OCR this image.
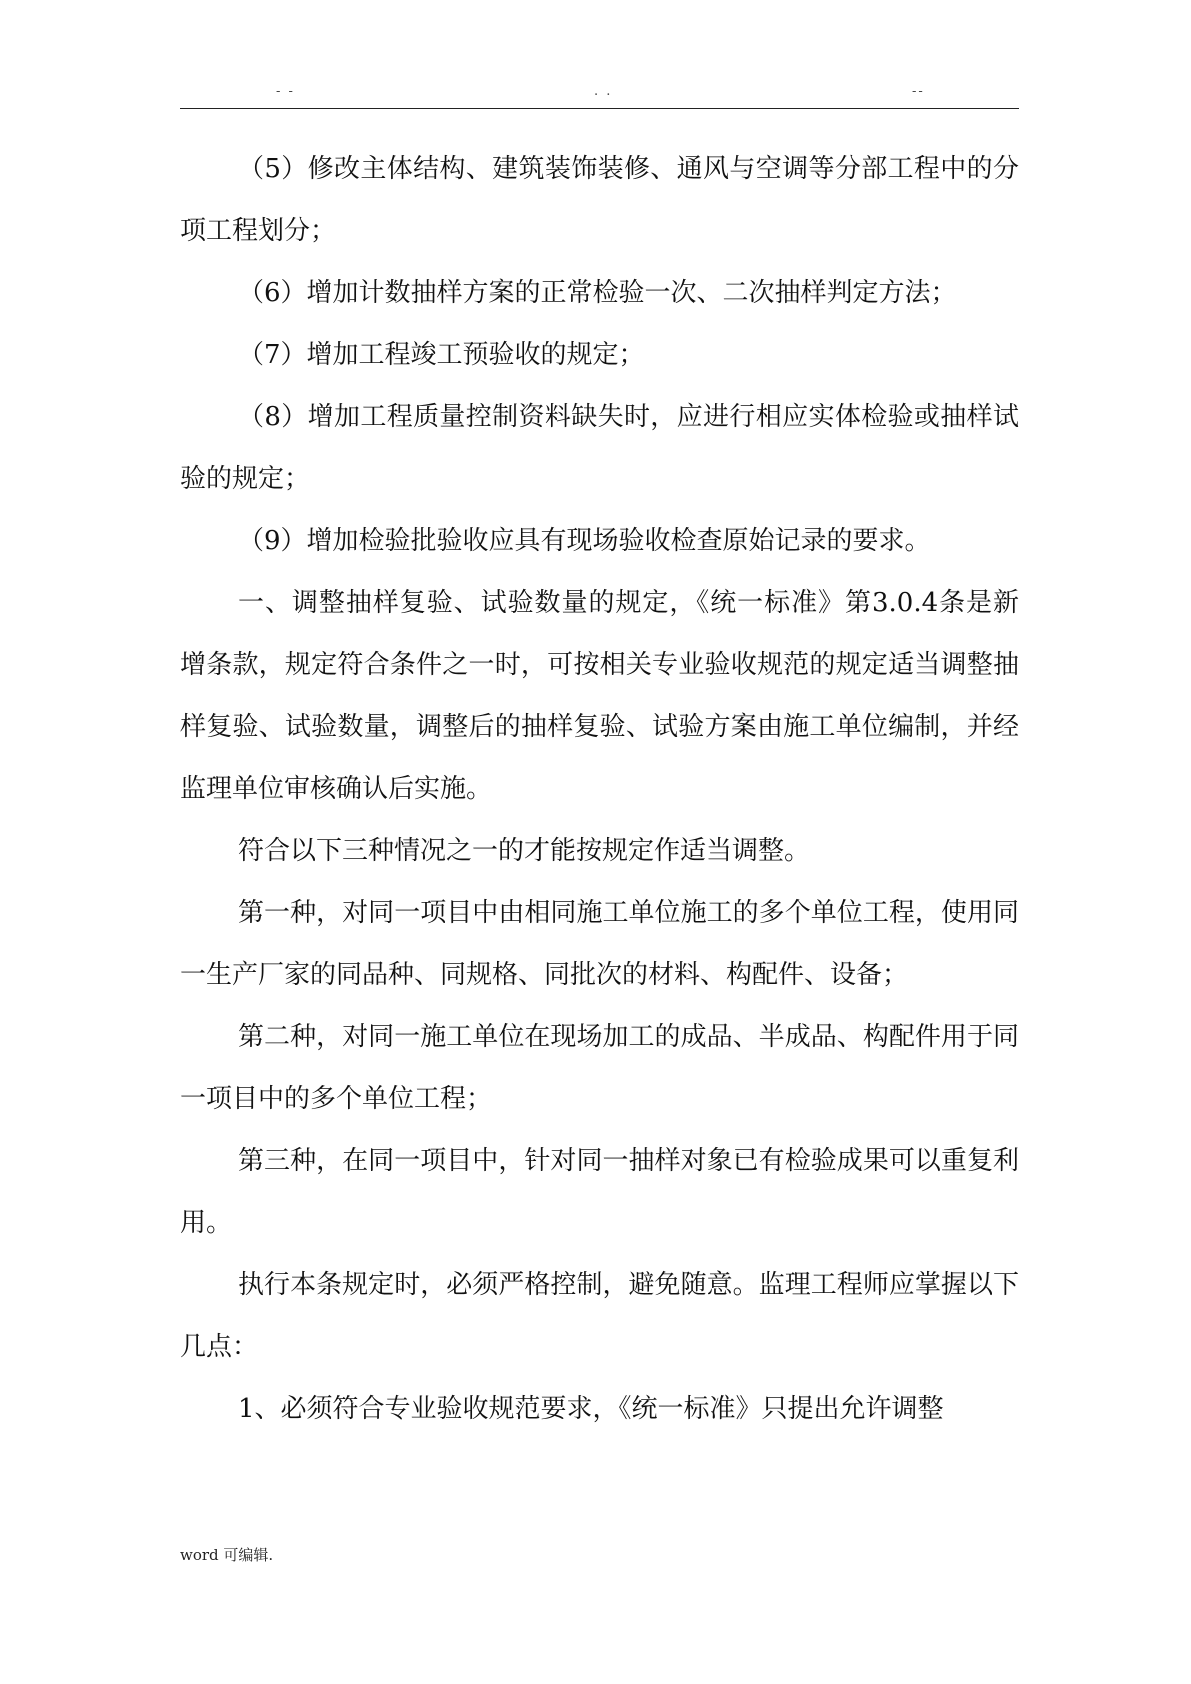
- -	. .	--

（5）修改主体结构、建筑装饰装修、通风与空调等分部工程中的分项工程划分；

（6）增加计数抽样方案的正常检验一次、二次抽样判定方法；

（7）增加工程竣工预验收的规定；

（8）增加工程质量控制资料缺失时，应进行相应实体检验或抽样试验的规定；

（9）增加检验批验收应具有现场验收检查原始记录的要求。

一、调整抽样复验、试验数量的规定，《统一标准》第3.0.4条是新增条款，规定符合条件之一时，可按相关专业验收规范的规定适当调整抽样复验、试验数量，调整后的抽样复验、试验方案由施工单位编制，并经监理单位审核确认后实施。

符合以下三种情况之一的才能按规定作适当调整。

第一种，对同一项目中由相同施工单位施工的多个单位工程，使用同一生产厂家的同品种、同规格、同批次的材料、构配件、设备；

第二种，对同一施工单位在现场加工的成品、半成品、构配件用于同一项目中的多个单位工程；

第三种，在同一项目中，针对同一抽样对象已有检验成果可以重复利用。

执行本条规定时，必须严格控制，避免随意。监理工程师应掌握以下几点：

1、必须符合专业验收规范要求，《统一标准》只提出允许调整

word 可编辑.
